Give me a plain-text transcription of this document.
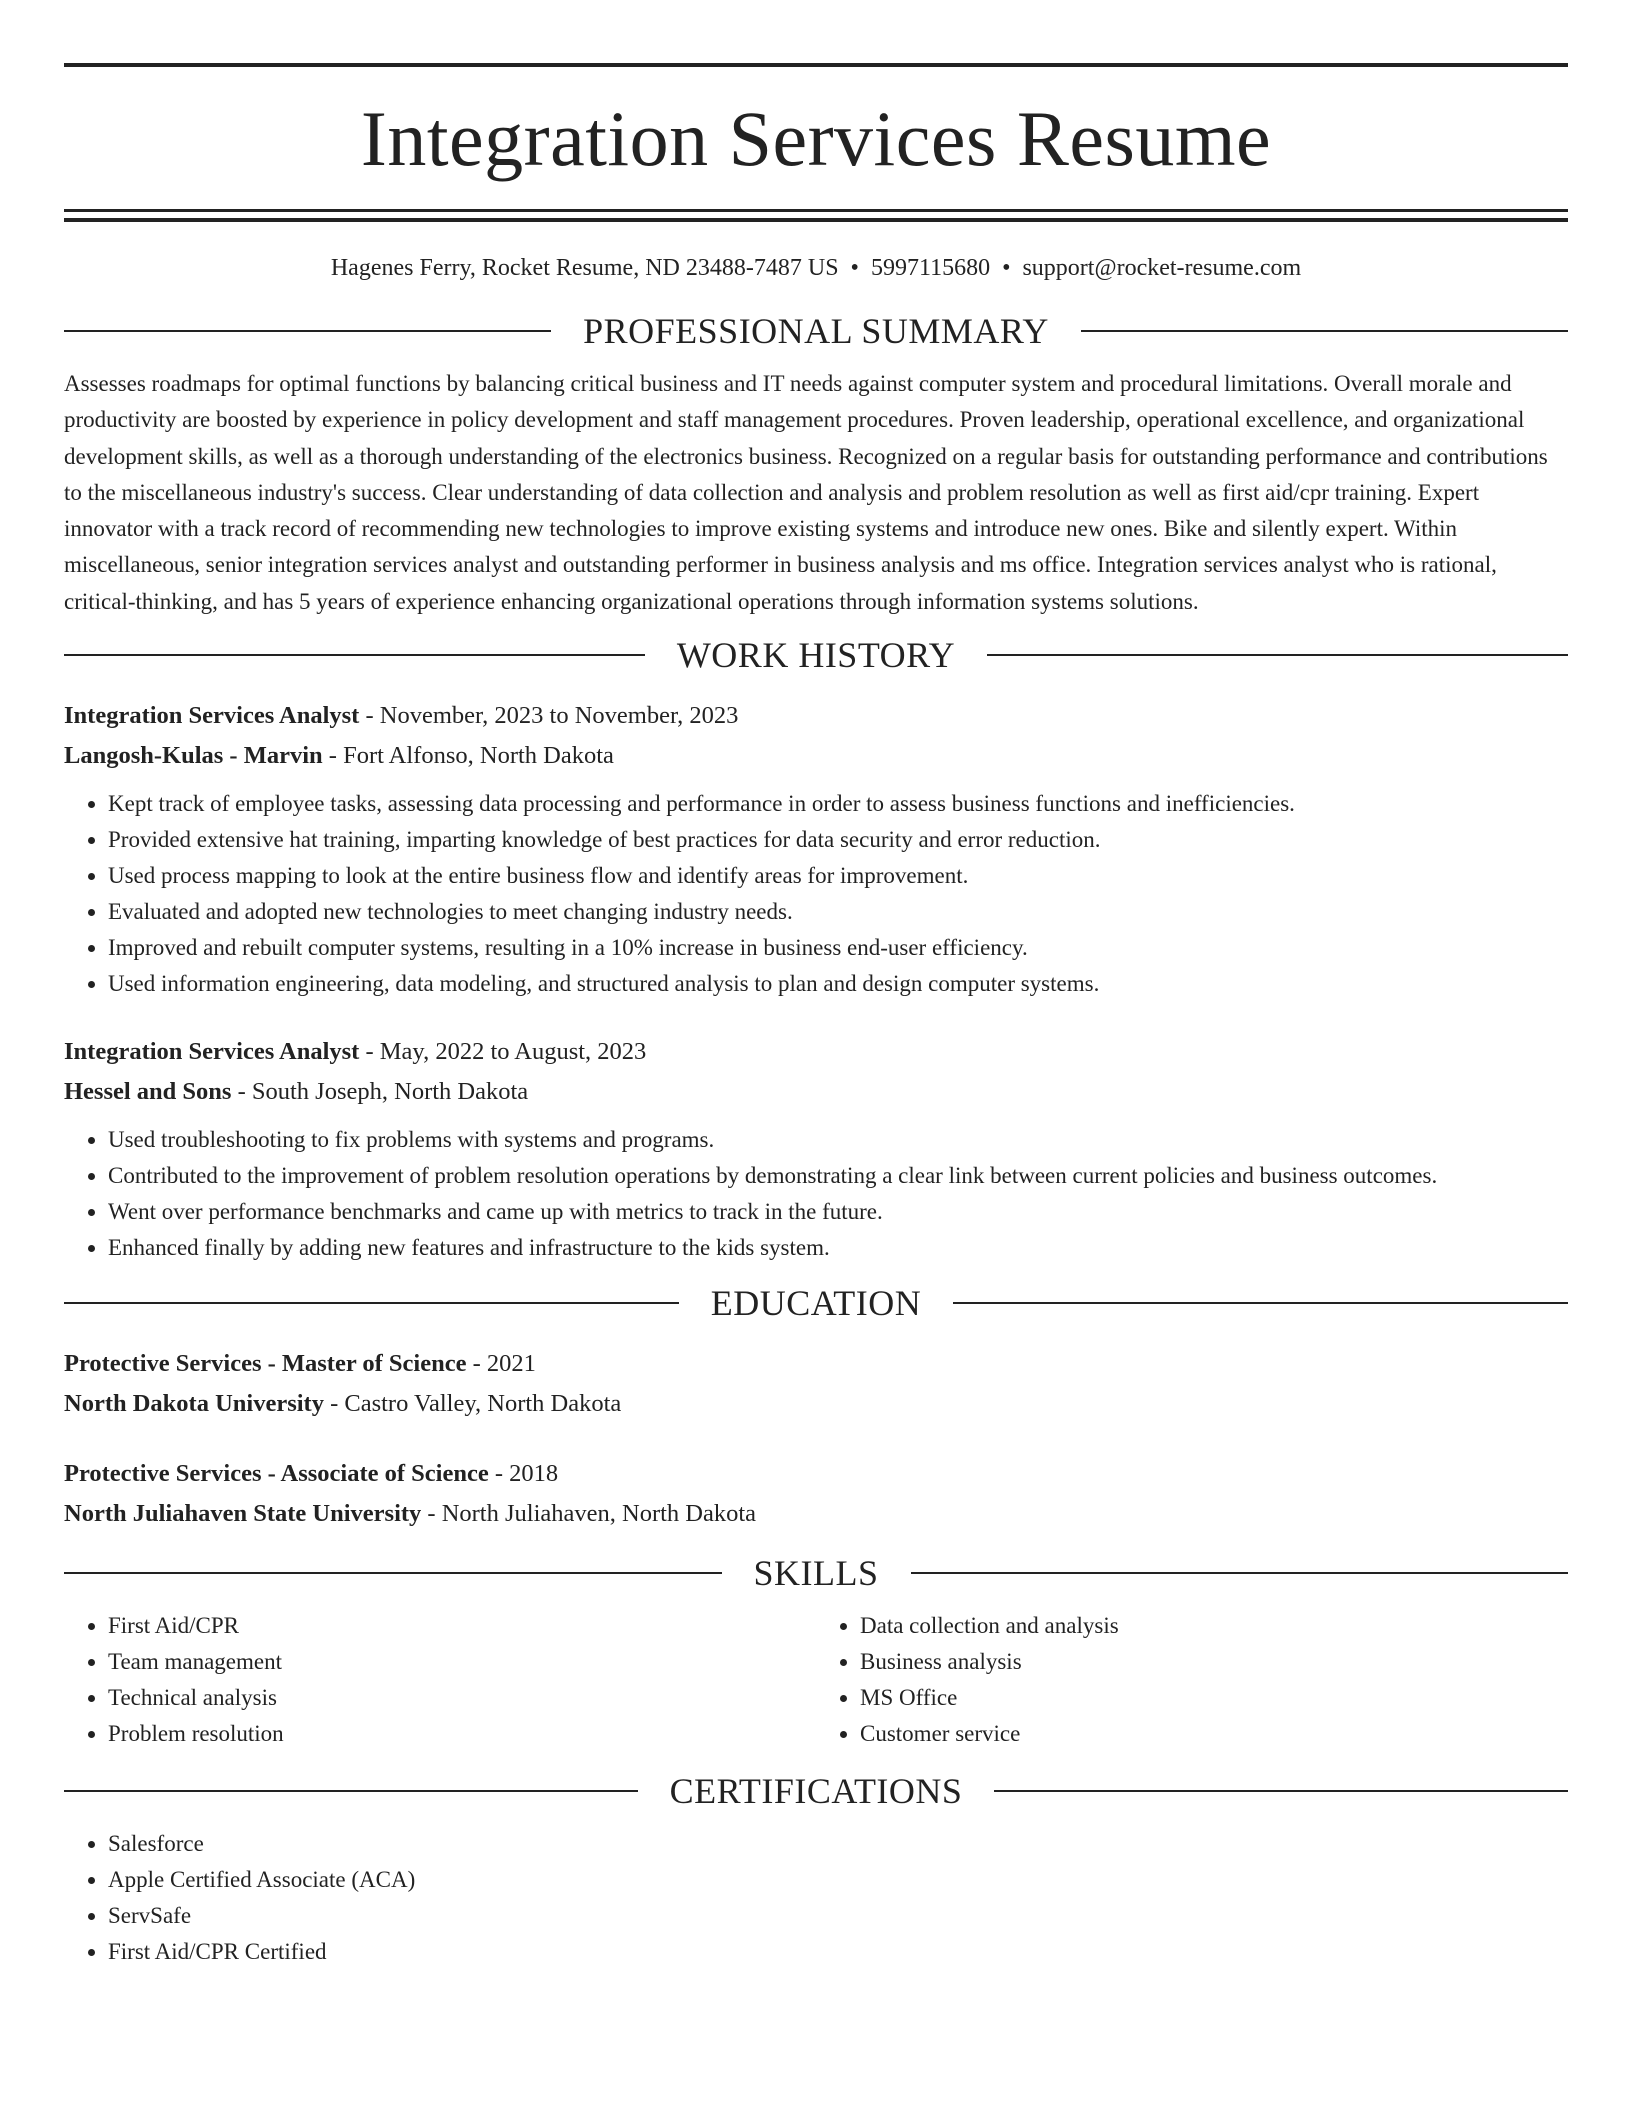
Integration Services Resume
Hagenes Ferry, Rocket Resume, ND 23488-7487 US • 5997115680 • support@rocket-resume.com
PROFESSIONAL SUMMARY

Assesses roadmaps for optimal functions by balancing critical business and IT needs against computer system and procedural limitations. Overall morale and productivity are boosted by experience in policy development and staff management procedures. Proven leadership, operational excellence, and organizational development skills, as well as a thorough understanding of the electronics business. Recognized on a regular basis for outstanding performance and contributions to the miscellaneous industry's success. Clear understanding of data collection and analysis and problem resolution as well as first aid/cpr training. Expert innovator with a track record of recommending new technologies to improve existing systems and introduce new ones. Bike and silently expert. Within miscellaneous, senior integration services analyst and outstanding performer in business analysis and ms office. Integration services analyst who is rational, critical-thinking, and has 5 years of experience enhancing organizational operations through information systems solutions.

WORK HISTORY
Integration Services Analyst - November, 2023 to November, 2023
Langosh-Kulas - Marvin - Fort Alfonso, North Dakota
• Kept track of employee tasks, assessing data processing and performance in order to assess business functions and inefficiencies.
• Provided extensive hat training, imparting knowledge of best practices for data security and error reduction.
• Used process mapping to look at the entire business flow and identify areas for improvement.
• Evaluated and adopted new technologies to meet changing industry needs.
• Improved and rebuilt computer systems, resulting in a 10% increase in business end-user efficiency.
• Used information engineering, data modeling, and structured analysis to plan and design computer systems.
Integration Services Analyst - May, 2022 to August, 2023
Hessel and Sons - South Joseph, North Dakota
• Used troubleshooting to fix problems with systems and programs.
• Contributed to the improvement of problem resolution operations by demonstrating a clear link between current policies and business outcomes.
• Went over performance benchmarks and came up with metrics to track in the future.
• Enhanced finally by adding new features and infrastructure to the kids system.
EDUCATION
Protective Services - Master of Science - 2021
North Dakota University - Castro Valley, North Dakota
Protective Services - Associate of Science - 2018
North Juliahaven State University - North Juliahaven, North Dakota
SKILLS
• First Aid/CPR
• Team management
• Technical analysis
• Problem resolution
• Data collection and analysis
• Business analysis
• MS Office
• Customer service
CERTIFICATIONS
• Salesforce
• Apple Certified Associate (ACA)
• ServSafe
• First Aid/CPR Certified
